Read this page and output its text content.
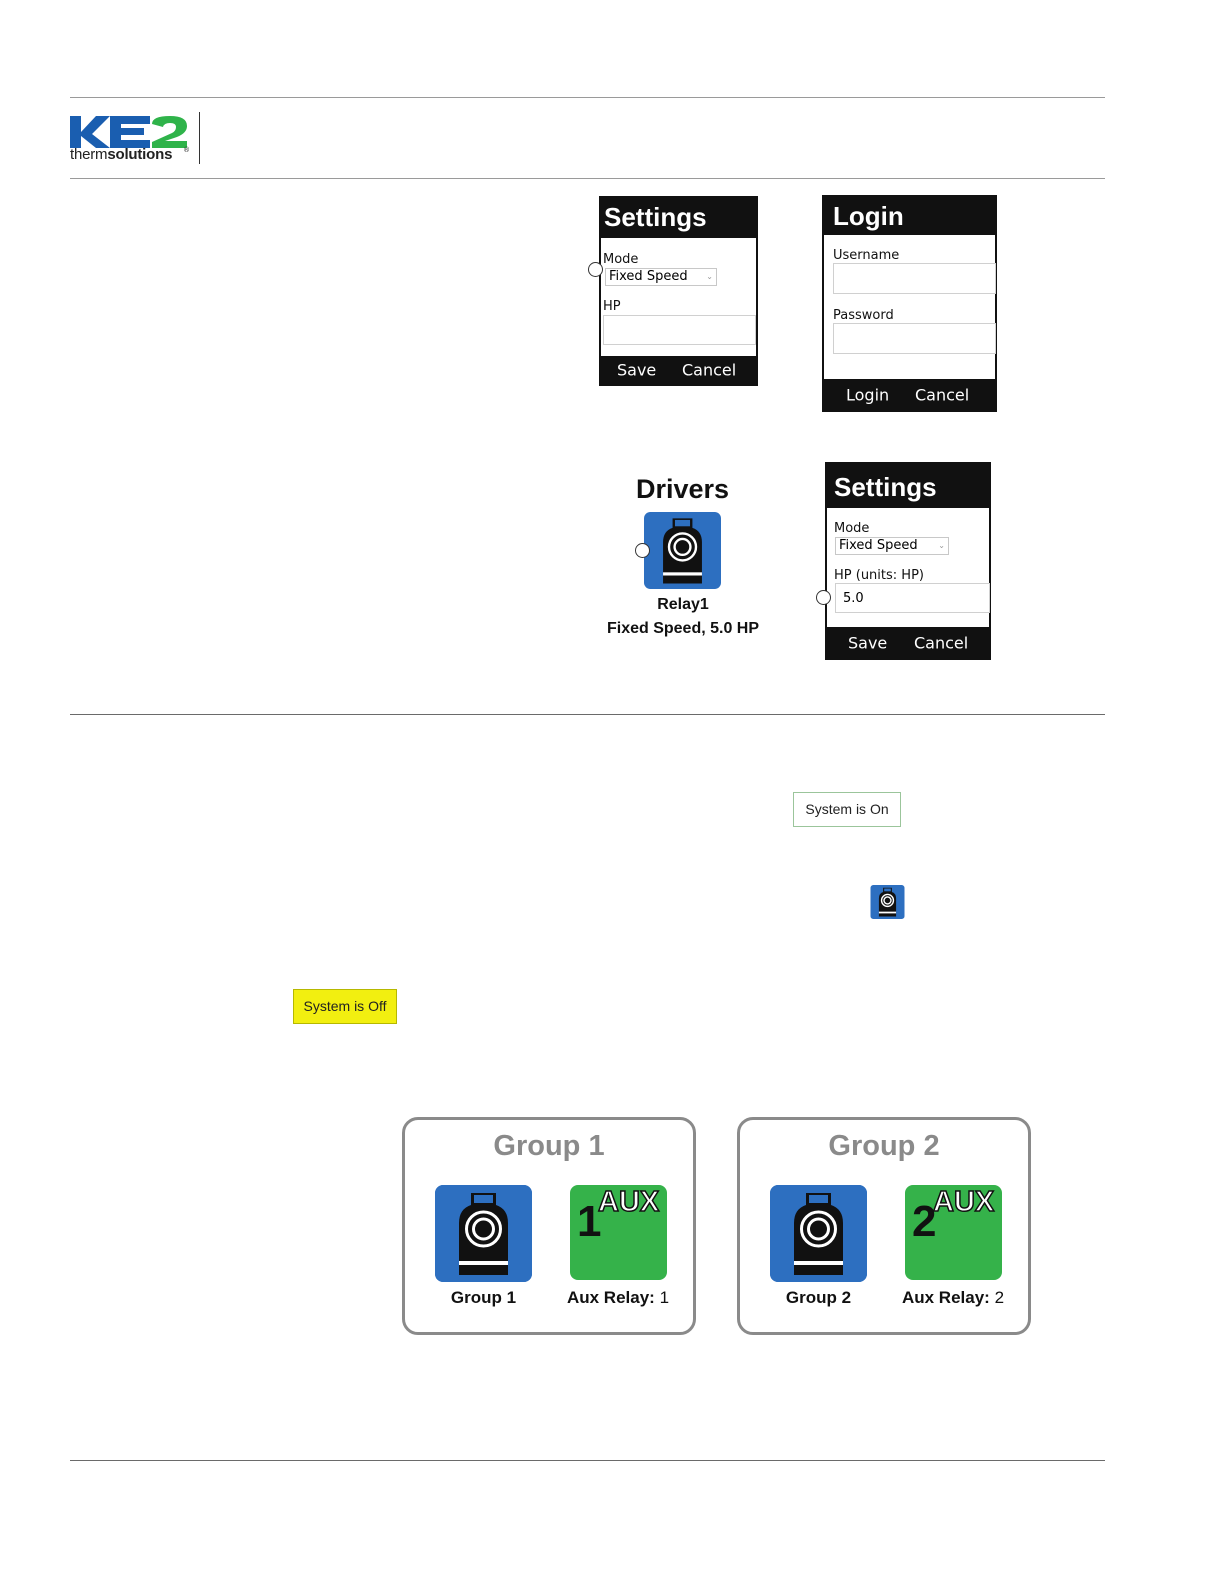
®
thermsolutions
Settings
Mode
Fixed Speed ⌄
HP
Save Cancel
Login
Username
Password
Login Cancel
Drivers
Relay1
Fixed Speed, 5.0 HP
Settings
Mode
Fixed Speed	⌄
HP (units: HP)
5.0
Save Cancel
System is On
System is Off
Group 1
1
AUX
Group 1	Aux Relay: 1
Group 2
2
AUX
Group 2	Aux Relay: 2
